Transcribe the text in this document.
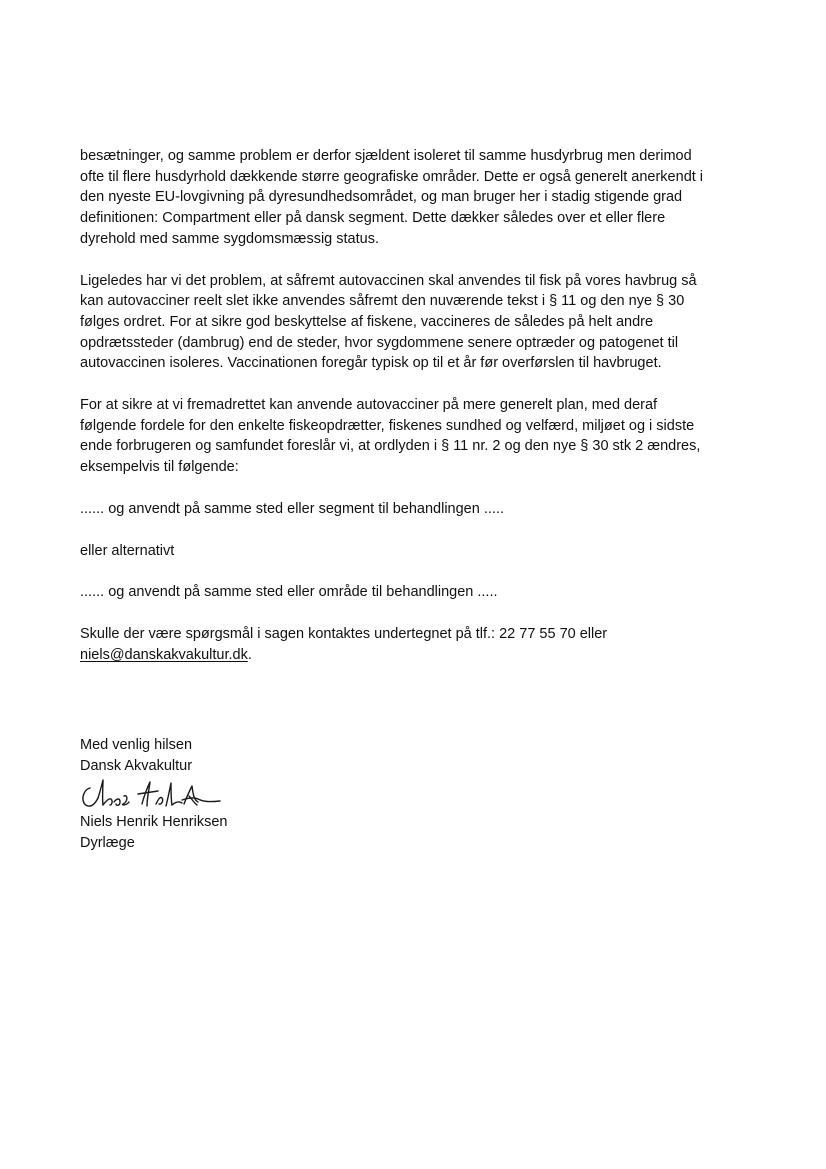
besætninger, og samme problem er derfor sjældent isoleret til samme husdyrbrug men derimod
ofte til flere husdyrhold dækkende større geografiske områder. Dette er også generelt anerkendt i
den nyeste EU-lovgivning på dyresundhedsområdet, og man bruger her i stadig stigende grad
definitionen: Compartment eller på dansk segment. Dette dækker således over et eller flere
dyrehold med samme sygdomsmæssig status.

Ligeledes har vi det problem, at såfremt autovaccinen skal anvendes til fisk på vores havbrug så
kan autovacciner reelt slet ikke anvendes såfremt den nuværende tekst i § 11 og den nye § 30
følges ordret. For at sikre god beskyttelse af fiskene, vaccineres de således på helt andre
opdrætssteder (dambrug) end de steder, hvor sygdommene senere optræder og patogenet til
autovaccinen isoleres. Vaccinationen foregår typisk op til et år før overførslen til havbruget.

For at sikre at vi fremadrettet kan anvende autovacciner på mere generelt plan, med deraf
følgende fordele for den enkelte fiskeopdrætter, fiskenes sundhed og velfærd, miljøet og i sidste
ende forbrugeren og samfundet foreslår vi, at ordlyden i § 11 nr. 2 og den nye § 30 stk 2 ændres,
eksempelvis til følgende:

...... og anvendt på samme sted eller segment til behandlingen .....

eller alternativt

...... og anvendt på samme sted eller område til behandlingen .....

Skulle der være spørgsmål i sagen kontaktes undertegnet på tlf.: 22 77 55 70 eller
niels@danskakvakultur.dk.
Med venlig hilsen
Dansk Akvakultur
Niels Henrik Henriksen
Dyrlæge
